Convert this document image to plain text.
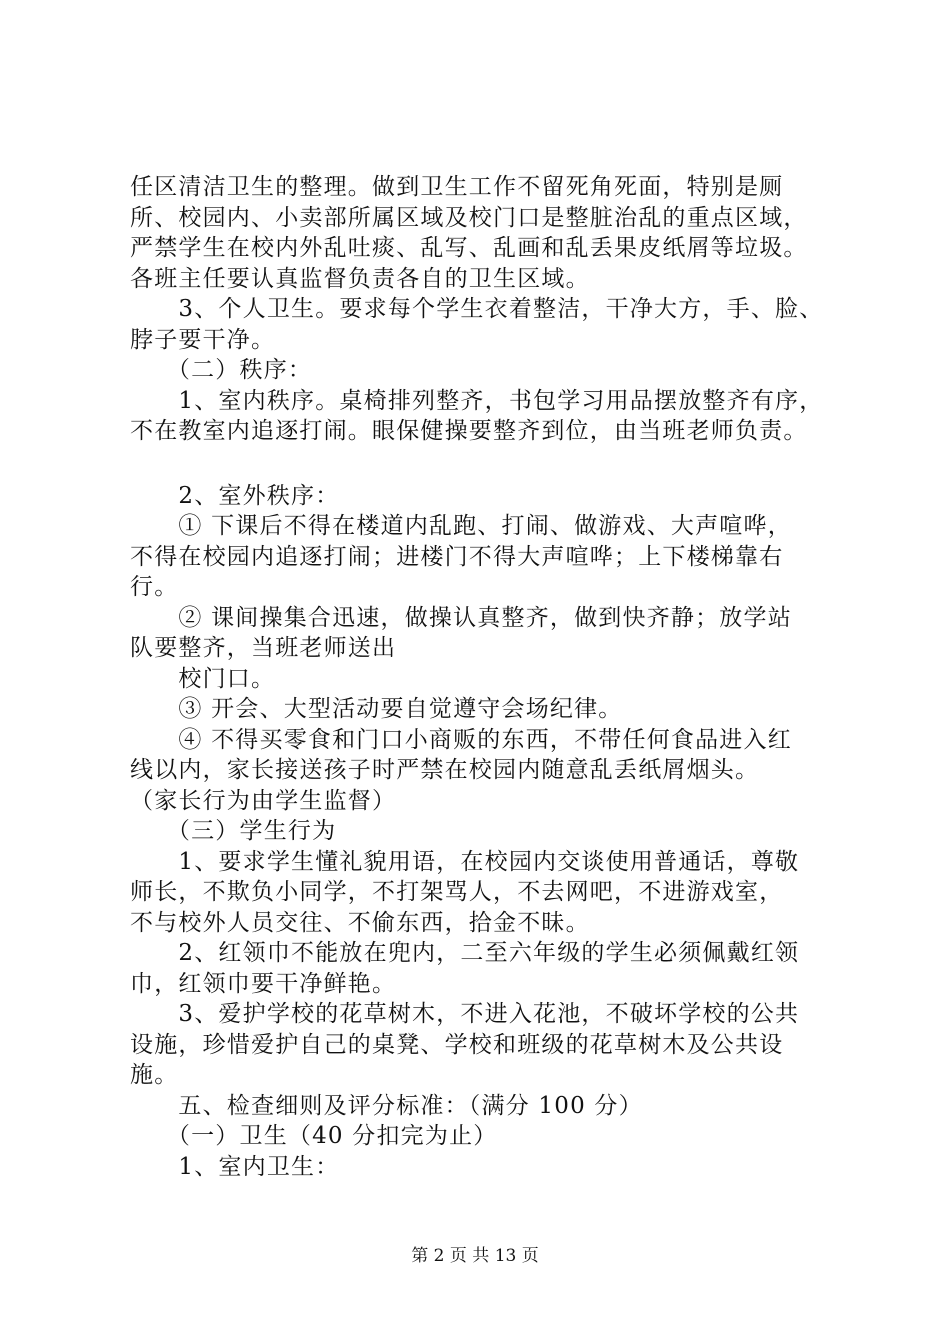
任区清洁卫生的整理。做到卫生工作不留死角死面，特别是厕
所、校园内、小卖部所属区域及校门口是整脏治乱的重点区域，
严禁学生在校内外乱吐痰、乱写、乱画和乱丢果皮纸屑等垃圾。
各班主任要认真监督负责各自的卫生区域。
　　3、个人卫生。要求每个学生衣着整洁，干净大方，手、脸、
脖子要干净。
　　（二）秩序：
　　1、室内秩序。桌椅排列整齐，书包学习用品摆放整齐有序，
不在教室内追逐打闹。眼保健操要整齐到位，由当班老师负责。
　　2、室外秩序：
　　① 下课后不得在楼道内乱跑、打闹、做游戏、大声喧哗，
不得在校园内追逐打闹；进楼门不得大声喧哗；上下楼梯靠右
行。
　　② 课间操集合迅速，做操认真整齐，做到快齐静；放学站
队要整齐，当班老师送出
　　校门口。
　　③ 开会、大型活动要自觉遵守会场纪律。
　　④ 不得买零食和门口小商贩的东西，不带任何食品进入红
线以内，家长接送孩子时严禁在校园内随意乱丢纸屑烟头。
（家长行为由学生监督）
　　（三）学生行为
　　1、要求学生懂礼貌用语，在校园内交谈使用普通话，尊敬
师长，不欺负小同学，不打架骂人，不去网吧，不进游戏室，
不与校外人员交往、不偷东西，拾金不昧。
　　2、红领巾不能放在兜内，二至六年级的学生必须佩戴红领
巾，红领巾要干净鲜艳。
　　3、爱护学校的花草树木，不进入花池，不破坏学校的公共
设施，珍惜爱护自己的桌凳、学校和班级的花草树木及公共设
施。
　　五、检查细则及评分标准：（满分 100 分）
　　（一）卫生（40 分扣完为止）
　　1、室内卫生：
第 2 页 共 13 页
